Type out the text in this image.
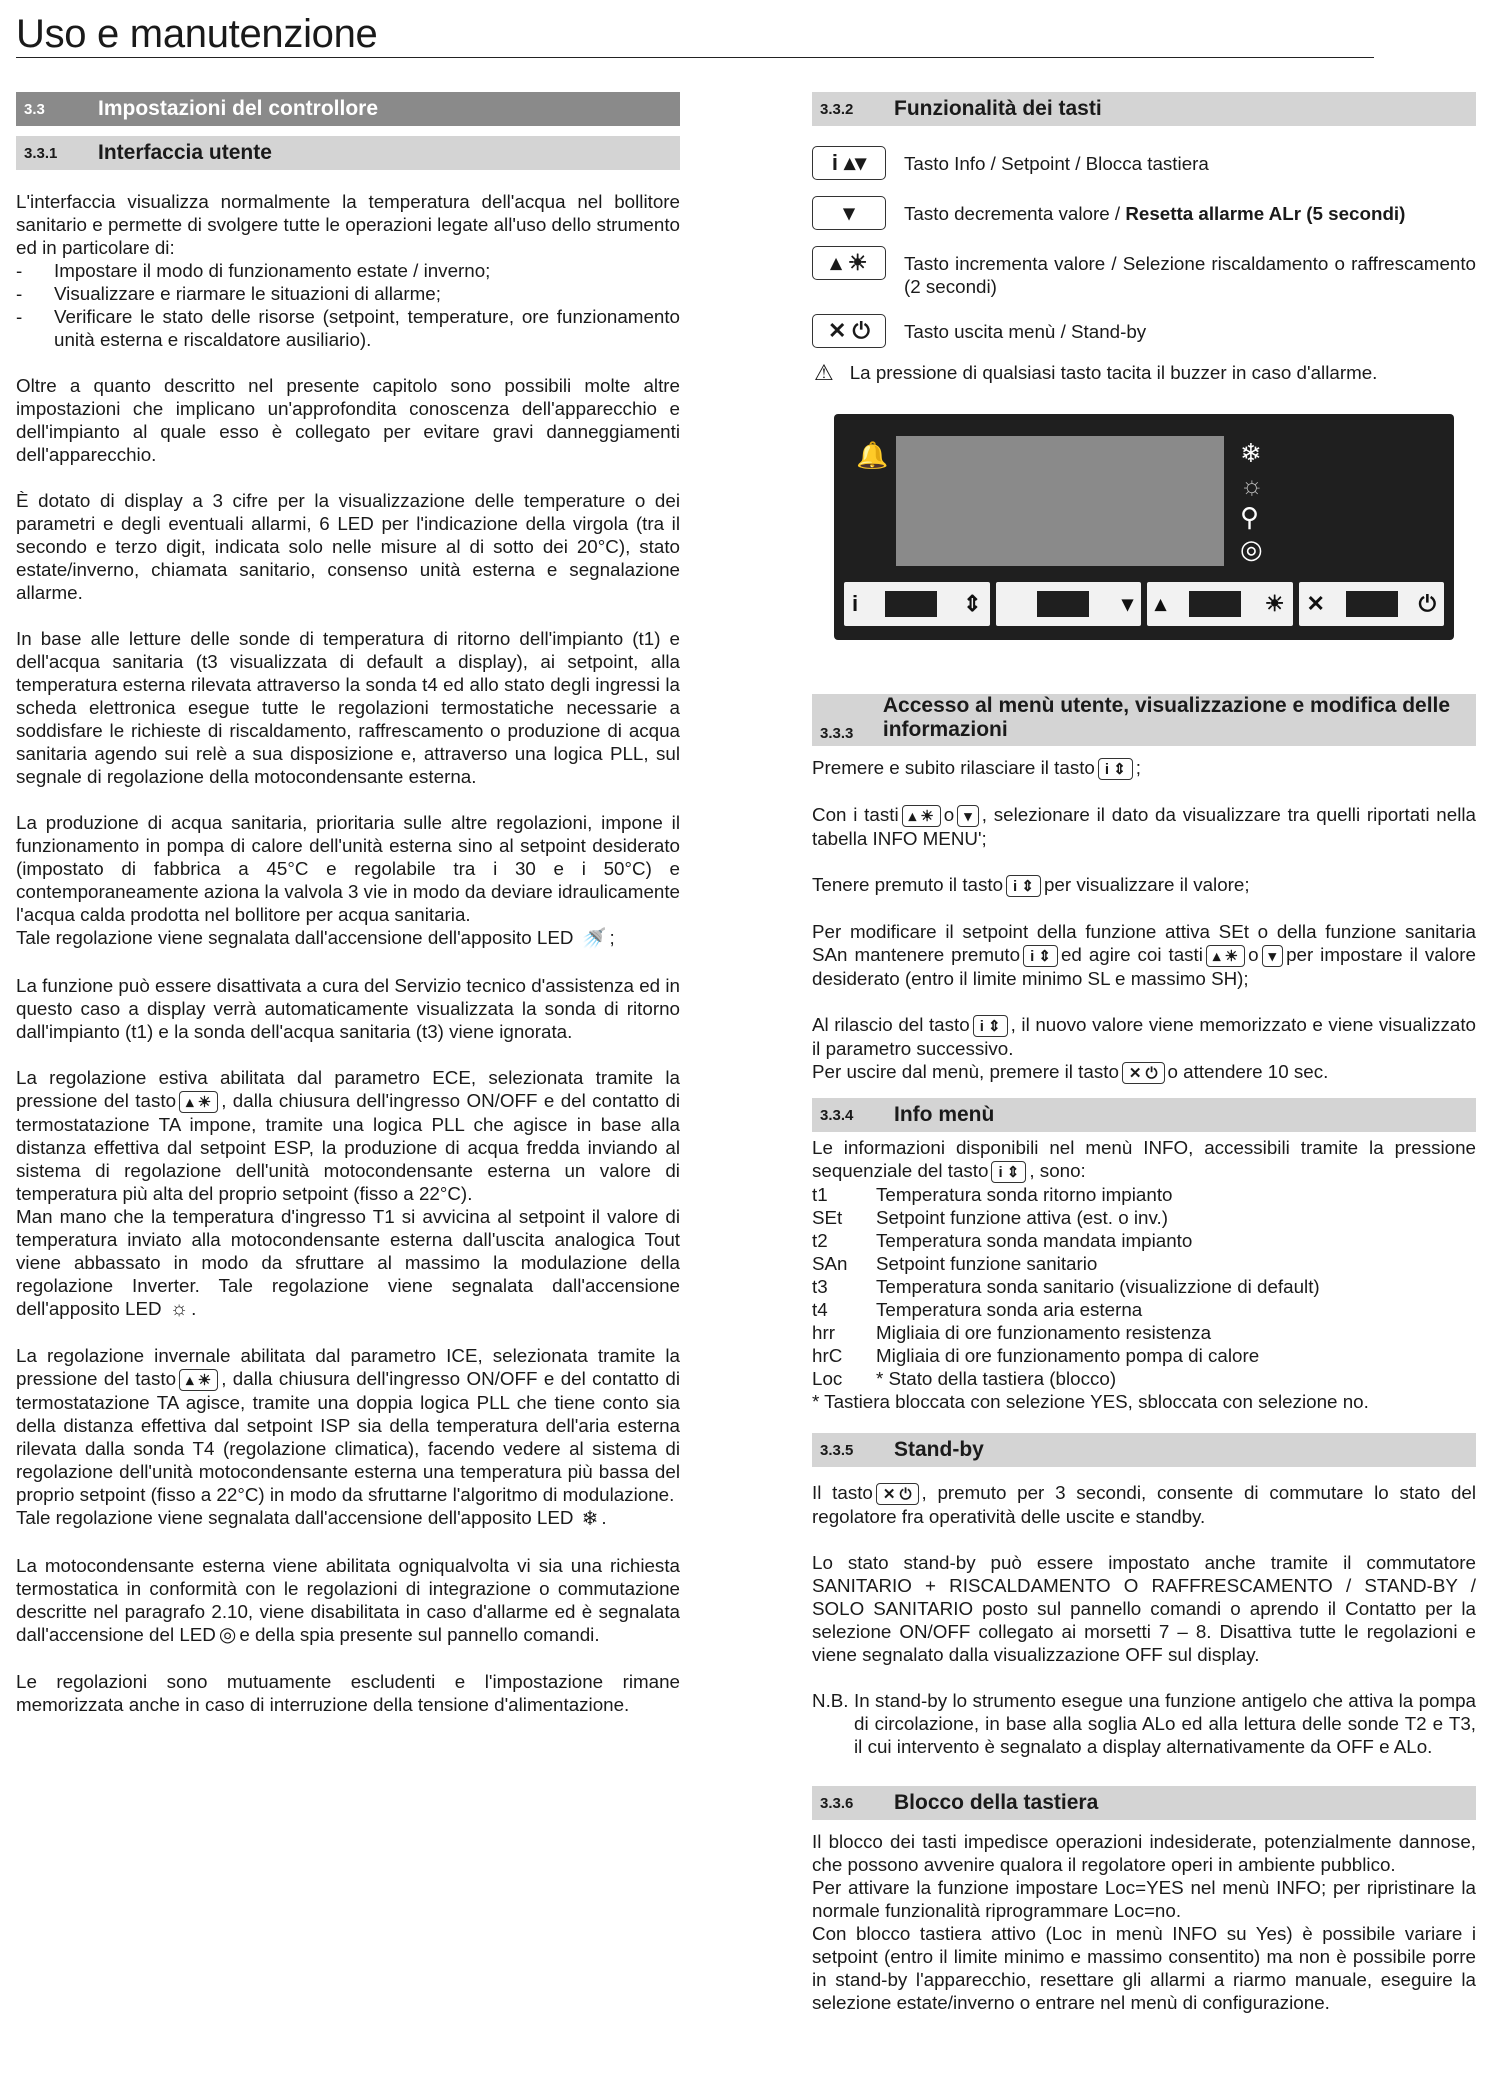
Uso e manutenzione
3.3	Impostazioni del controllore
3.3.1	Interfaccia utente

L'interfaccia visualizza normalmente la temperatura dell'acqua nel bollitore sanitario e permette di svolgere tutte le operazioni legate all'uso dello strumento ed in particolare di:

- Impostare il modo di funzionamento estate / inverno;
- Visualizzare e riarmare le situazioni di allarme;
- Verificare le stato delle risorse (setpoint, temperature, ore funzionamento unità esterna e riscaldatore ausiliario).

Oltre a quanto descritto nel presente capitolo sono possibili molte altre impostazioni che implicano un'approfondita conoscenza dell'apparecchio e dell'impianto al quale esso è collegato per evitare gravi danneggiamenti dell'apparecchio.

È dotato di display a 3 cifre per la visualizzazione delle temperature o dei parametri e degli eventuali allarmi, 6 LED per l'indicazione della virgola (tra il secondo e terzo digit, indicata solo nelle misure al di sotto dei 20°C), stato estate/inverno, chiamata sanitario, consenso unità esterna e segnalazione allarme.

In base alle letture delle sonde di temperatura di ritorno dell'impianto (t1) e dell'acqua sanitaria (t3 visualizzata di default a display), ai setpoint, alla temperatura esterna rilevata attraverso la sonda t4 ed allo stato degli ingressi la scheda elettronica esegue tutte le regolazioni termostatiche necessarie a soddisfare le richieste di riscaldamento, raffrescamento o produzione di acqua sanitaria agendo sui relè a sua disposizione e, attraverso una logica PLL, sul segnale di regolazione della motocondensante esterna.

La produzione di acqua sanitaria, prioritaria sulle altre regolazioni, impone il funzionamento in pompa di calore dell'unità esterna sino al setpoint desiderato (impostato di fabbrica a 45°C e regolabile tra i 30 e i 50°C) e contemporaneamente aziona la valvola 3 vie in modo da deviare idraulicamente l'acqua calda prodotta nel bollitore per acqua sanitaria.

Tale regolazione viene segnalata dall'accensione dell'apposito LED 🚿 ;

La funzione può essere disattivata a cura del Servizio tecnico d'assistenza ed in questo caso a display verrà automaticamente visualizzata la sonda di ritorno dall'impianto (t1) e la sonda dell'acqua sanitaria (t3) viene ignorata.

La regolazione estiva abilitata dal parametro ECE, selezionata tramite la pressione del tasto ▴ ☀ , dalla chiusura dell'ingresso ON/OFF e del contatto di termostatazione TA impone, tramite una logica PLL che agisce in base alla distanza effettiva dal setpoint ESP, la produzione di acqua fredda inviando al sistema di regolazione dell'unità motocondensante esterna un valore di temperatura più alta del proprio setpoint (fisso a 22°C).

Man mano che la temperatura d'ingresso T1 si avvicina al setpoint il valore di temperatura inviato alla motocondensante esterna dall'uscita analogica Tout viene abbassato in modo da sfruttare al massimo la modulazione della regolazione Inverter. Tale regolazione viene segnalata dall'accensione dell'apposito LED ☼ .

La regolazione invernale abilitata dal parametro ICE, selezionata tramite la pressione del tasto ▴ ☀ , dalla chiusura dell'ingresso ON/OFF e del contatto di termostatazione TA agisce, tramite una doppia logica PLL che tiene conto sia della distanza effettiva dal setpoint ISP sia della temperatura dell'aria esterna rilevata dalla sonda T4 (regolazione climatica), facendo vedere al sistema di regolazione dell'unità motocondensante esterna una temperatura più bassa del proprio setpoint (fisso a 22°C) in modo da sfruttarne l'algoritmo di modulazione.

Tale regolazione viene segnalata dall'accensione dell'apposito LED ❄ .

La motocondensante esterna viene abilitata ogniqualvolta vi sia una richiesta termostatica in conformità con le regolazioni di integrazione o commutazione descritte nel paragrafo 2.10, viene disabilitata in caso d'allarme ed è segnalata dall'accensione del LED ◎ e della spia presente sul pannello comandi.

Le regolazioni sono mutuamente escludenti e l'impostazione rimane memorizzata anche in caso di interruzione della tensione d'alimentazione.

3.3.2	Funzionalità dei tasti
i ▴▾	Tasto Info / Setpoint / Blocca tastiera
▾	Tasto decrementa valore / Resetta allarme ALr (5 secondi)
▴ ☀	Tasto incrementa valore / Selezione riscaldamento o raffrescamento (2 secondi)
✕ ⏻	Tasto uscita menù / Stand-by
⚠ La pressione di qualsiasi tasto tacita il buzzer in caso d'allarme.
🔔	❄
☼
⚲
◎
i	⇕	▾ ▴	☀ ✕	⏻
3.3.3
Accesso al menù utente, visualizzazione e modifica delle informazioni

Premere e subito rilasciare il tasto i ⇕ ;

Con i tasti ▴ ☀ o ▾ , selezionare il dato da visualizzare tra quelli riportati nella tabella INFO MENU';

Tenere premuto il tasto i ⇕ per visualizzare il valore;

Per modificare il setpoint della funzione attiva SEt o della funzione sanitaria SAn mantenere premuto i ⇕ ed agire coi tasti ▴ ☀ o ▾ per impostare il valore desiderato (entro il limite minimo SL e massimo SH);

Al rilascio del tasto i ⇕ , il nuovo valore viene memorizzato e viene visualizzato il parametro successivo.

Per uscire dal menù, premere il tasto ✕ ⏻ o attendere 10 sec.

3.3.4	Info menù

Le informazioni disponibili nel menù INFO, accessibili tramite la pressione sequenziale del tasto i ⇕ , sono:

t1	Temperatura sonda ritorno impianto
SEt	Setpoint funzione attiva (est. o inv.)
t2	Temperatura sonda mandata impianto
SAn	Setpoint funzione sanitario
t3	Temperatura sonda sanitario (visualizzione di default)
t4	Temperatura sonda aria esterna
hrr	Migliaia di ore funzionamento resistenza
hrC	Migliaia di ore funzionamento pompa di calore
Loc	* Stato della tastiera (blocco)

* Tastiera bloccata con selezione YES, sbloccata con selezione no.

3.3.5	Stand-by

Il tasto ✕ ⏻ , premuto per 3 secondi, consente di commutare lo stato del regolatore fra operatività delle uscite e standby.

Lo stato stand-by può essere impostato anche tramite il commutatore SANITARIO + RISCALDAMENTO O RAFFRESCAMENTO / STAND-BY / SOLO SANITARIO posto sul pannello comandi o aprendo il Contatto per la selezione ON/OFF collegato ai morsetti 7 – 8. Disattiva tutte le regolazioni e viene segnalato dalla visualizzazione OFF sul display.

N.B. In stand-by lo strumento esegue una funzione antigelo che attiva la pompa di circolazione, in base alla soglia ALo ed alla lettura delle sonde T2 e T3, il cui intervento è segnalato a display alternativamente da OFF e ALo.
3.3.6	Blocco della tastiera

Il blocco dei tasti impedisce operazioni indesiderate, potenzialmente dannose, che possono avvenire qualora il regolatore operi in ambiente pubblico.

Per attivare la funzione impostare Loc=YES nel menù INFO; per ripristinare la normale funzionalità riprogrammare Loc=no.

Con blocco tastiera attivo (Loc in menù INFO su Yes) è possibile variare i setpoint (entro il limite minimo e massimo consentito) ma non è possibile porre in stand-by l'apparecchio, resettare gli allarmi a riarmo manuale, eseguire la selezione estate/inverno o entrare nel menù di configurazione.
